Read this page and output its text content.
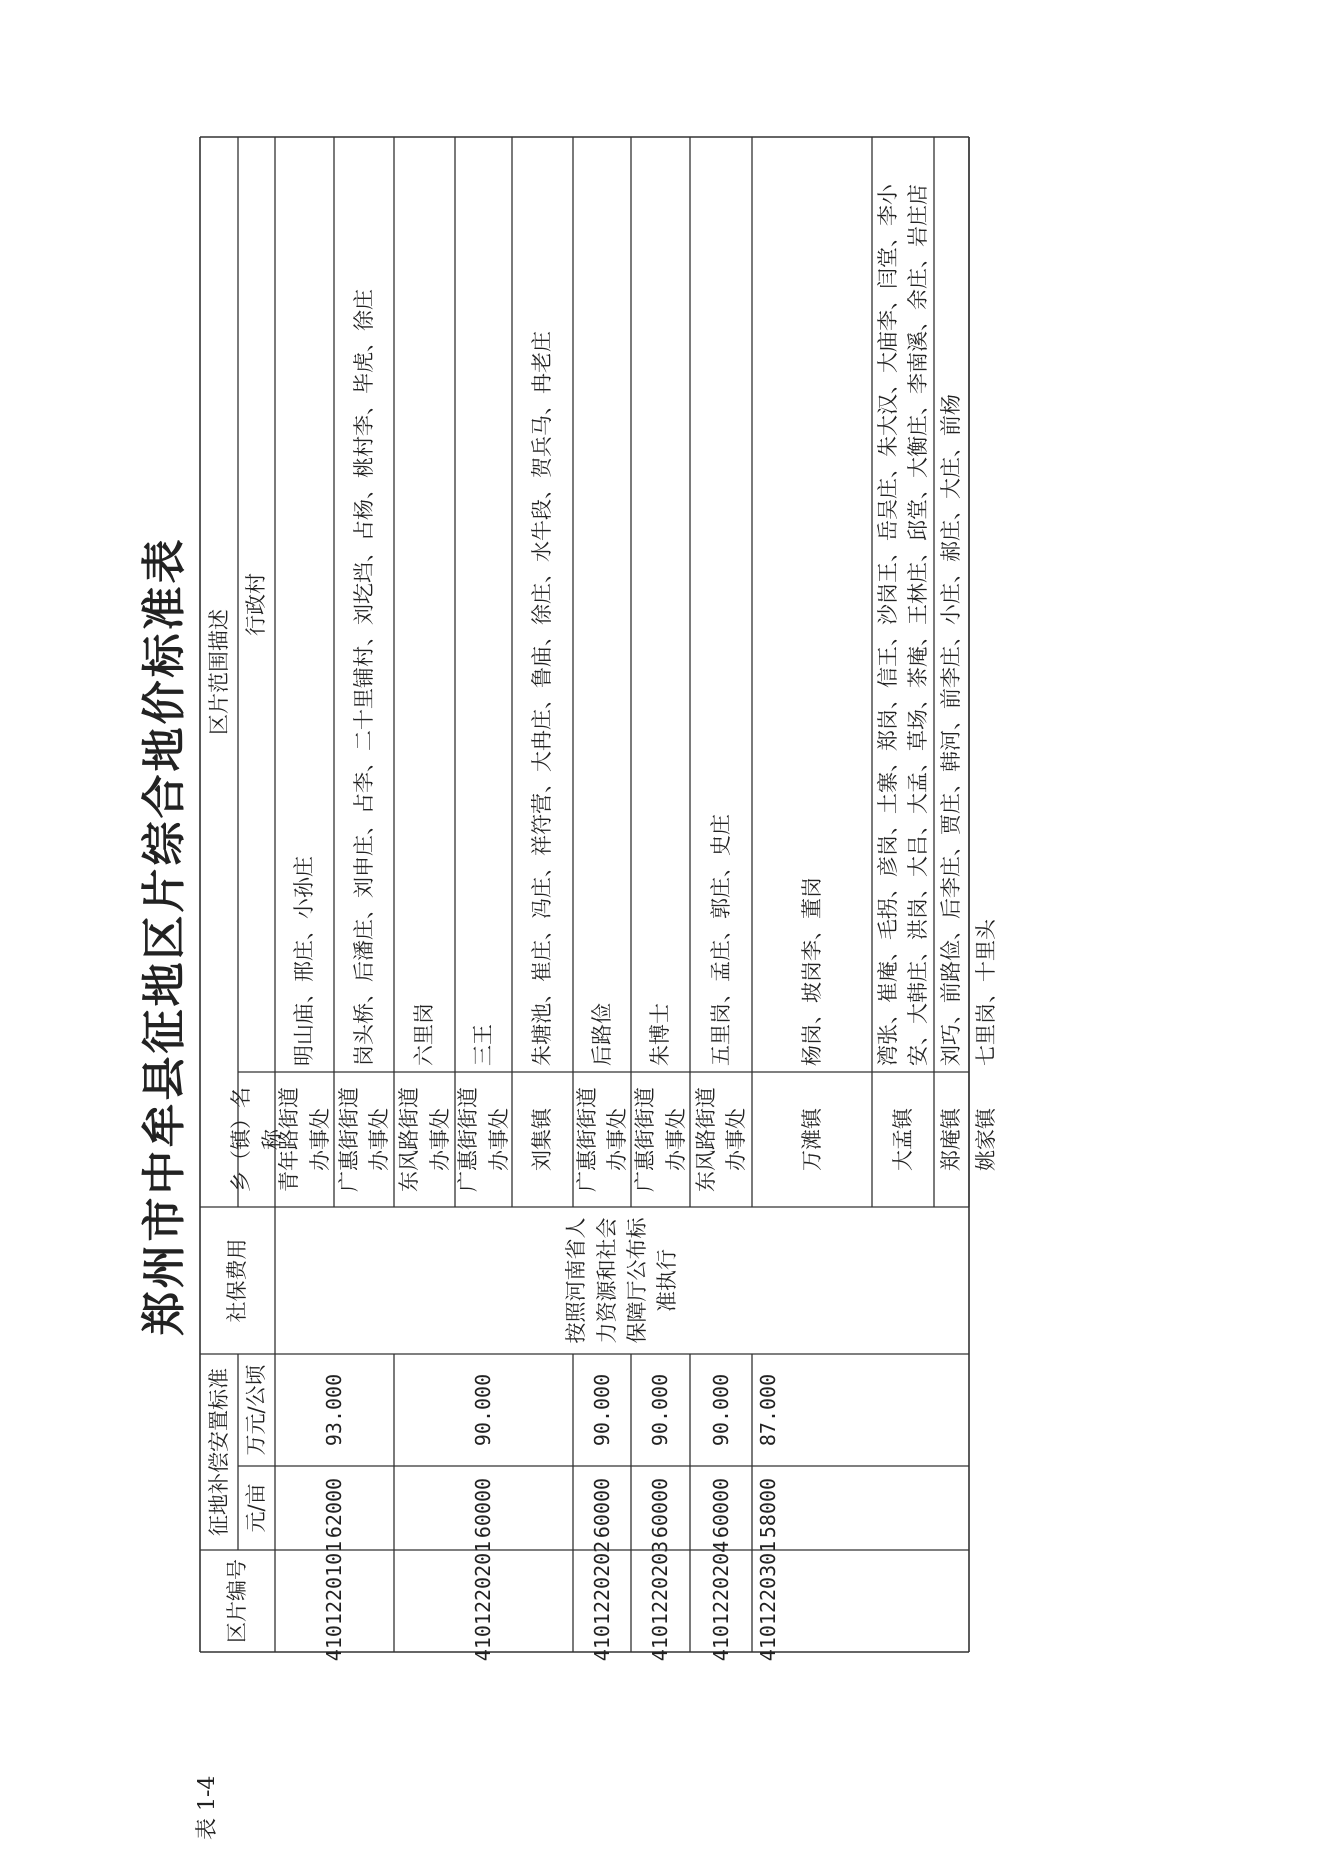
郑州市中牟县征地区片综合地价标准表
表 1-4
区片编号
征地补偿安置标准 元/亩
万元/公顷
社保费用
区片范围描述
乡（镇）名称
行政村
4101220101
62000
93.000
青年路街道办事处
明山庙、邢庄、小孙庄
广惠街街道办事处
岗头桥、后潘庄、刘申庄、占李、二十里铺村、刘圪垱、占杨、桃村李、毕虎、徐庄
4101220201
60000
90.000
东风路街道办事处
六里岗
广惠街街道办事处
三王
刘集镇
朱塘池、崔庄、冯庄、祥符营、大冉庄、鲁庙、徐庄、水牛段、贺兵马、冉老庄
4101220202
60000
90.000
广惠街街道办事处
后路俭
4101220203
60000
90.000
广惠街街道办事处
朱博士
4101220204
60000
90.000
东风路街道办事处
五里岗、孟庄、郭庄、史庄
4101220301
58000
87.000
万滩镇
杨岗、坡岗李、董岗
大孟镇
湾张、崔庵、毛拐、彦岗、土寨、郑岗、信王、沙岗王、岳吴庄、朱大汉、大庙李、闫堂、李小安、大韩庄、洪岗、大吕、大孟、草场、茶庵、王林庄、邱堂、大衡庄、李南溪、余庄、岩庄店
郑庵镇
刘巧、前路俭、后李庄、贾庄、韩河、前李庄、小庄、郝庄、大庄、前杨
姚家镇
七里岗、十里头
按照河南省人力资源和社会保障厅公布标准执行
